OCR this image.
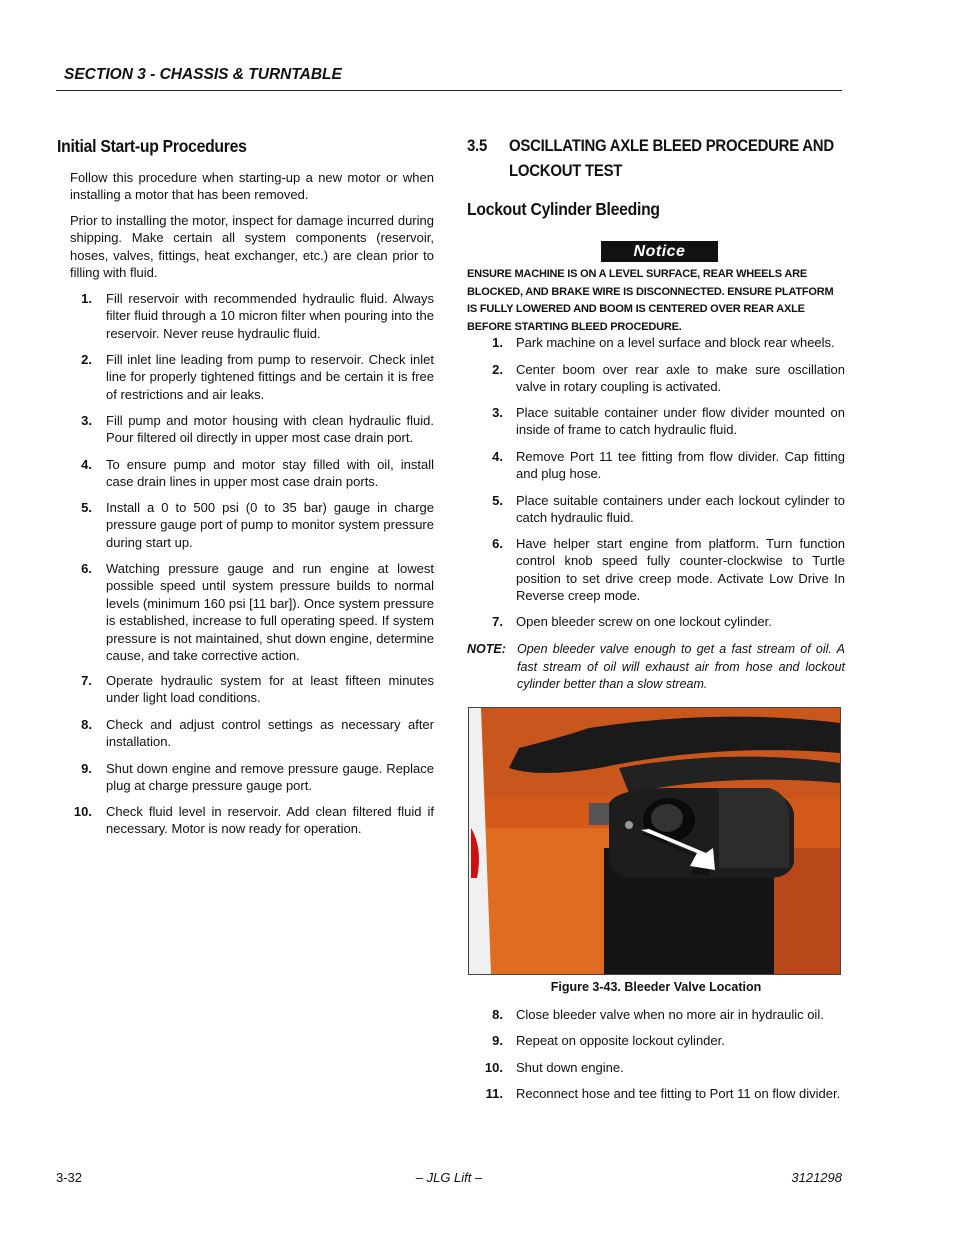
SECTION 3 - CHASSIS & TURNTABLE
Initial Start-up Procedures
Follow this procedure when starting-up a new motor or when installing a motor that has been removed.
Prior to installing the motor, inspect for damage incurred during shipping. Make certain all system components (reservoir, hoses, valves, fittings, heat exchanger, etc.) are clean prior to filling with fluid.
1. Fill reservoir with recommended hydraulic fluid. Always filter fluid through a 10 micron filter when pouring into the reservoir. Never reuse hydraulic fluid.
2. Fill inlet line leading from pump to reservoir. Check inlet line for properly tightened fittings and be certain it is free of restrictions and air leaks.
3. Fill pump and motor housing with clean hydraulic fluid. Pour filtered oil directly in upper most case drain port.
4. To ensure pump and motor stay filled with oil, install case drain lines in upper most case drain ports.
5. Install a 0 to 500 psi (0 to 35 bar) gauge in charge pressure gauge port of pump to monitor system pressure during start up.
6. Watching pressure gauge and run engine at lowest possible speed until system pressure builds to normal levels (minimum 160 psi [11 bar]). Once system pressure is established, increase to full operating speed. If system pressure is not maintained, shut down engine, determine cause, and take corrective action.
7. Operate hydraulic system for at least fifteen minutes under light load conditions.
8. Check and adjust control settings as necessary after installation.
9. Shut down engine and remove pressure gauge. Replace plug at charge pressure gauge port.
10. Check fluid level in reservoir. Add clean filtered fluid if necessary. Motor is now ready for operation.
3.5 OSCILLATING AXLE BLEED PROCEDURE AND
LOCKOUT TEST
Lockout Cylinder Bleeding
Notice
ENSURE MACHINE IS ON A LEVEL SURFACE, REAR WHEELS ARE BLOCKED, AND BRAKE WIRE IS DISCONNECTED. ENSURE PLATFORM IS FULLY LOWERED AND BOOM IS CENTERED OVER REAR AXLE BEFORE STARTING BLEED PROCEDURE.
1. Park machine on a level surface and block rear wheels.
2. Center boom over rear axle to make sure oscillation valve in rotary coupling is activated.
3. Place suitable container under flow divider mounted on inside of frame to catch hydraulic fluid.
4. Remove Port 11 tee fitting from flow divider. Cap fitting and plug hose.
5. Place suitable containers under each lockout cylinder to catch hydraulic fluid.
6. Have helper start engine from platform. Turn function control knob speed fully counter-clockwise to Turtle position to set drive creep mode. Activate Low Drive In Reverse creep mode.
7. Open bleeder screw on one lockout cylinder.
NOTE: Open bleeder valve enough to get a fast stream of oil. A fast stream of oil will exhaust air from hose and lockout cylinder better than a slow stream.
Figure 3-43. Bleeder Valve Location
8. Close bleeder valve when no more air in hydraulic oil.
9. Repeat on opposite lockout cylinder.
10. Shut down engine.
11. Reconnect hose and tee fitting to Port 11 on flow divider.
3-32	– JLG Lift –	3121298
